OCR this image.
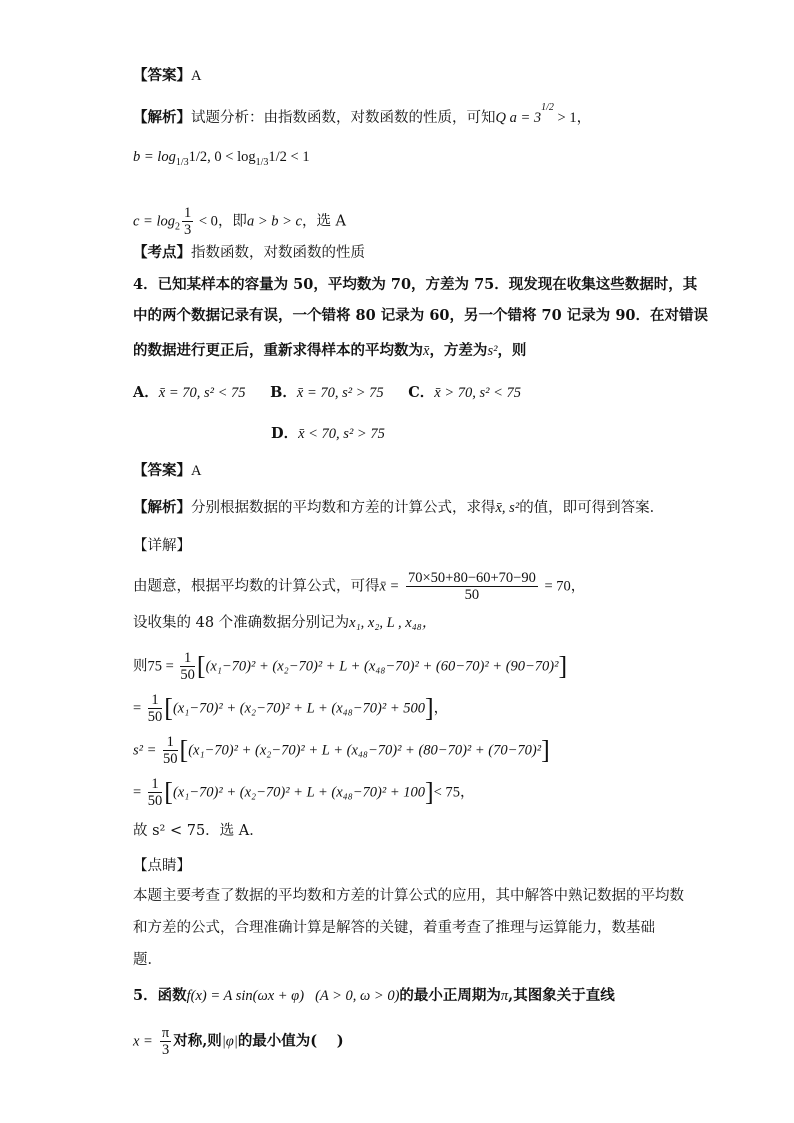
【答案】A
【解析】试题分析：由指数函数，对数函数的性质，可知Q $a = 3^{1/2} > 1$，
$b = \log_{1/3}1/2$, $0 < \log_{1/3}1/2 < 1$
$c = \log_2 \frac{1}{3} < 0$，即a > b > c，选 A
【考点】指数函数，对数函数的性质
4．已知某样本的容量为 50，平均数为 70，方差为 75．现发现在收集这些数据时，其
中的两个数据记录有误，一个错将 80 记录为 60，另一个错将 70 记录为 90．在对错误
的数据进行更正后，重新求得样本的平均数为x̄，方差为s²，则
A．x̄ = 70, s² < 75 B．x̄ = 70, s² > 75 C．x̄ > 70, s² < 75
D．x̄ < 70, s² > 75
【答案】A
【解析】分别根据数据的平均数和方差的计算公式，求得x̄, s²的值，即可得到答案．
【详解】
由题意，根据平均数的计算公式，可得x̄ = $\frac{70\times 50+80-60+70-90}{50} = 70$，
设收集的 48 个准确数据分别记为x₁, x₂, L , x₄₈，
则$75 = \frac{1}{50} [(x_1-70)^2 + (x_2-70)^2 + L + (x_{48}-70)^2 + (60-70)^2 + (90-70)^2]$
= $\frac{1}{50} [(x_1-70)^2 + (x_2-70)^2 + L + (x_{48}-70)^2 + 500]$，
$s^2 = \frac{1}{50} [(x_1-70)^2 + (x_2-70)^2 + L + (x_{48}-70)^2 + (80-70)^2 + (70-70)^2]$
= $\frac{1}{50} [(x_1-70)^2 + (x_2-70)^2 + L + (x_{48}-70)^2 + 100]< 75$，
故 s² < 75．选 A．
【点睛】
本题主要考查了数据的平均数和方差的计算公式的应用，其中解答中熟记数据的平均数
和方差的公式，合理准确计算是解答的关键，着重考查了推理与运算能力，数基础
题．
5．函数f(x) = A sin(ωx + φ) (A > 0, ω > 0)的最小正周期为π,其图象关于直线
$x = \frac{\pi}{3}$ 对称,则|φ|的最小值为(　 )
